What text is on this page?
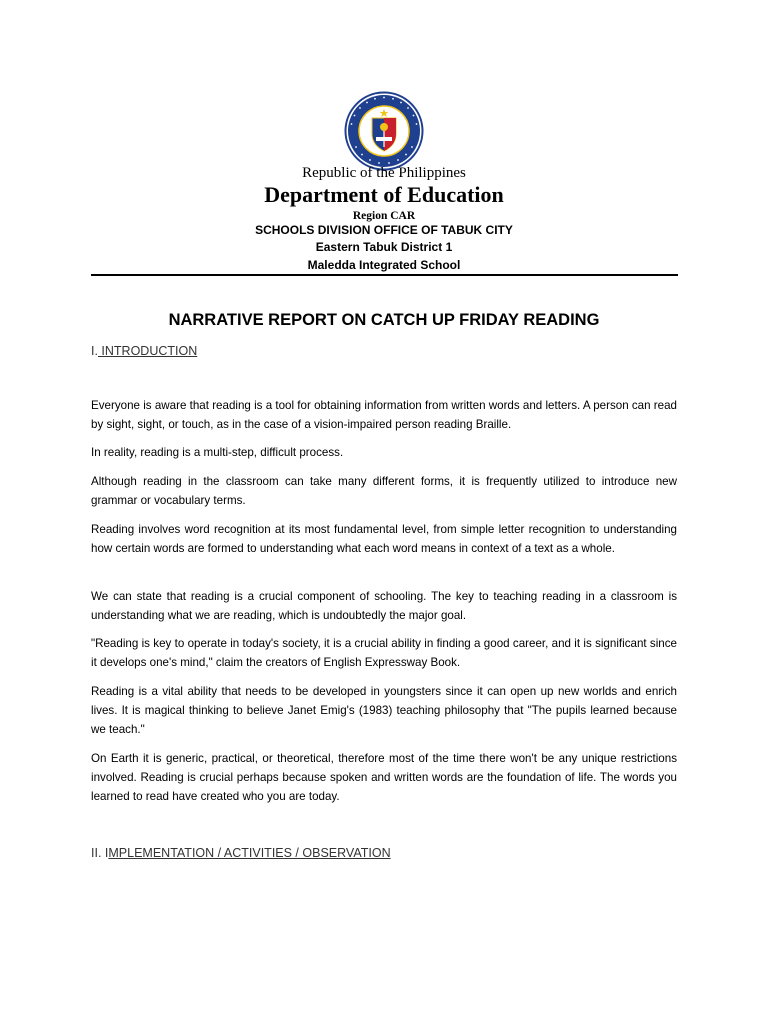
Republic of the Philippines
Department of Education
Region CAR
SCHOOLS DIVISION OFFICE OF TABUK CITY
Eastern Tabuk District 1
Maledda Integrated School
NARRATIVE REPORT ON CATCH UP FRIDAY READING
I. INTRODUCTION
Everyone is aware that reading is a tool for obtaining information from written words and letters. A person can read by sight, sight, or touch, as in the case of a vision-impaired person reading Braille.
In reality, reading is a multi-step, difficult process.
Although reading in the classroom can take many different forms, it is frequently utilized to introduce new grammar or vocabulary terms.
Reading involves word recognition at its most fundamental level, from simple letter recognition to understanding how certain words are formed to understanding what each word means in context of a text as a whole.
We can state that reading is a crucial component of schooling. The key to teaching reading in a classroom is understanding what we are reading, which is undoubtedly the major goal.
"Reading is key to operate in today's society, it is a crucial ability in finding a good career, and it is significant since it develops one's mind," claim the creators of English Expressway Book.
Reading is a vital ability that needs to be developed in youngsters since it can open up new worlds and enrich lives. It is magical thinking to believe Janet Emig's (1983) teaching philosophy that "The pupils learned because we teach."
On Earth it is generic, practical, or theoretical, therefore most of the time there won't be any unique restrictions involved. Reading is crucial perhaps because spoken and written words are the foundation of life. The words you learned to read have created who you are today.
II. IMPLEMENTATION / ACTIVITIES / OBSERVATION
